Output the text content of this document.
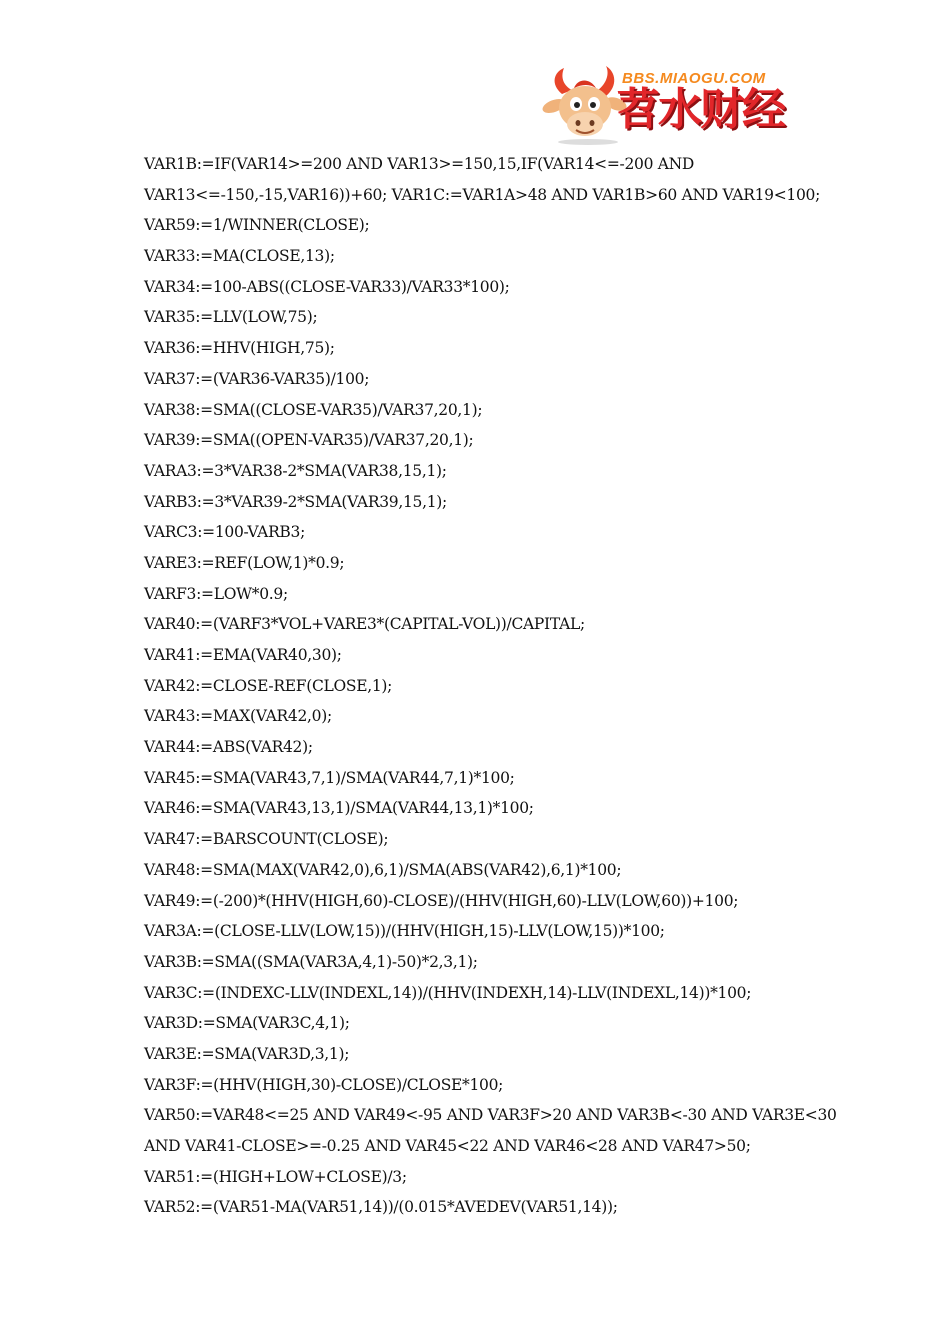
BBS.MIAOGU.COM
苕水财经
VAR1B:=IF(VAR14>=200 AND VAR13>=150,15,IF(VAR14<=-200 AND
VAR13<=-150,-15,VAR16))+60; VAR1C:=VAR1A>48 AND VAR1B>60 AND VAR19<100;
VAR59:=1/WINNER(CLOSE);
VAR33:=MA(CLOSE,13);
VAR34:=100-ABS((CLOSE-VAR33)/VAR33*100);
VAR35:=LLV(LOW,75);
VAR36:=HHV(HIGH,75);
VAR37:=(VAR36-VAR35)/100;
VAR38:=SMA((CLOSE-VAR35)/VAR37,20,1);
VAR39:=SMA((OPEN-VAR35)/VAR37,20,1);
VARA3:=3*VAR38-2*SMA(VAR38,15,1);
VARB3:=3*VAR39-2*SMA(VAR39,15,1);
VARC3:=100-VARB3;
VARE3:=REF(LOW,1)*0.9;
VARF3:=LOW*0.9;
VAR40:=(VARF3*VOL+VARE3*(CAPITAL-VOL))/CAPITAL;
VAR41:=EMA(VAR40,30);
VAR42:=CLOSE-REF(CLOSE,1);
VAR43:=MAX(VAR42,0);
VAR44:=ABS(VAR42);
VAR45:=SMA(VAR43,7,1)/SMA(VAR44,7,1)*100;
VAR46:=SMA(VAR43,13,1)/SMA(VAR44,13,1)*100;
VAR47:=BARSCOUNT(CLOSE);
VAR48:=SMA(MAX(VAR42,0),6,1)/SMA(ABS(VAR42),6,1)*100;
VAR49:=(-200)*(HHV(HIGH,60)-CLOSE)/(HHV(HIGH,60)-LLV(LOW,60))+100;
VAR3A:=(CLOSE-LLV(LOW,15))/(HHV(HIGH,15)-LLV(LOW,15))*100;
VAR3B:=SMA((SMA(VAR3A,4,1)-50)*2,3,1);
VAR3C:=(INDEXC-LLV(INDEXL,14))/(HHV(INDEXH,14)-LLV(INDEXL,14))*100;
VAR3D:=SMA(VAR3C,4,1);
VAR3E:=SMA(VAR3D,3,1);
VAR3F:=(HHV(HIGH,30)-CLOSE)/CLOSE*100;
VAR50:=VAR48<=25 AND VAR49<-95 AND VAR3F>20 AND VAR3B<-30 AND VAR3E<30
AND VAR41-CLOSE>=-0.25 AND VAR45<22 AND VAR46<28 AND VAR47>50;
VAR51:=(HIGH+LOW+CLOSE)/3;
VAR52:=(VAR51-MA(VAR51,14))/(0.015*AVEDEV(VAR51,14));
